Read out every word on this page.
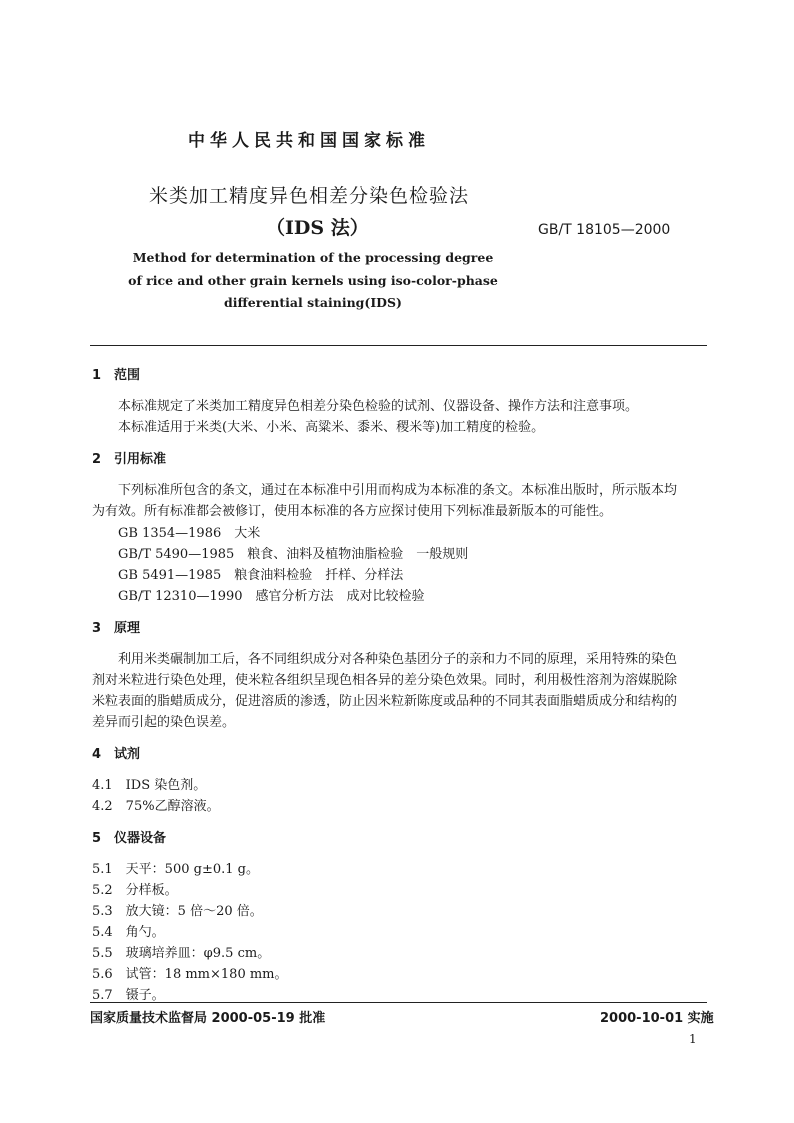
中华人民共和国国家标准
米类加工精度异色相差分染色检验法
（IDS 法）	GB/T 18105—2000
Method for determination of the processing degree
of rice and other grain kernels using iso-color-phase
differential staining(IDS)
1　范围
本标准规定了米类加工精度异色相差分染色检验的试剂、仪器设备、操作方法和注意事项。
本标准适用于米类(大米、小米、高粱米、黍米、稷米等)加工精度的检验。
2　引用标准
下列标准所包含的条文，通过在本标准中引用而构成为本标准的条文。本标准出版时，所示版本均
为有效。所有标准都会被修订，使用本标准的各方应探讨使用下列标准最新版本的可能性。
GB 1354—1986　大米
GB/T 5490—1985　粮食、油料及植物油脂检验　一般规则
GB 5491—1985　粮食油料检验　扦样、分样法
GB/T 12310—1990　感官分析方法　成对比较检验
3　原理
利用米类碾制加工后，各不同组织成分对各种染色基团分子的亲和力不同的原理，采用特殊的染色
剂对米粒进行染色处理，使米粒各组织呈现色相各异的差分染色效果。同时，利用极性溶剂为溶媒脱除
米粒表面的脂蜡质成分，促进溶质的渗透，防止因米粒新陈度或品种的不同其表面脂蜡质成分和结构的
差异而引起的染色误差。
4　试剂
4.1　IDS 染色剂。
4.2　75%乙醇溶液。
5　仪器设备
5.1　天平：500 g±0.1 g。
5.2　分样板。
5.3　放大镜：5 倍～20 倍。
5.4　角勺。
5.5　玻璃培养皿：φ9.5 cm。
5.6　试管：18 mm×180 mm。
5.7　镊子。
国家质量技术监督局 2000-05-19 批准	2000-10-01 实施
1
